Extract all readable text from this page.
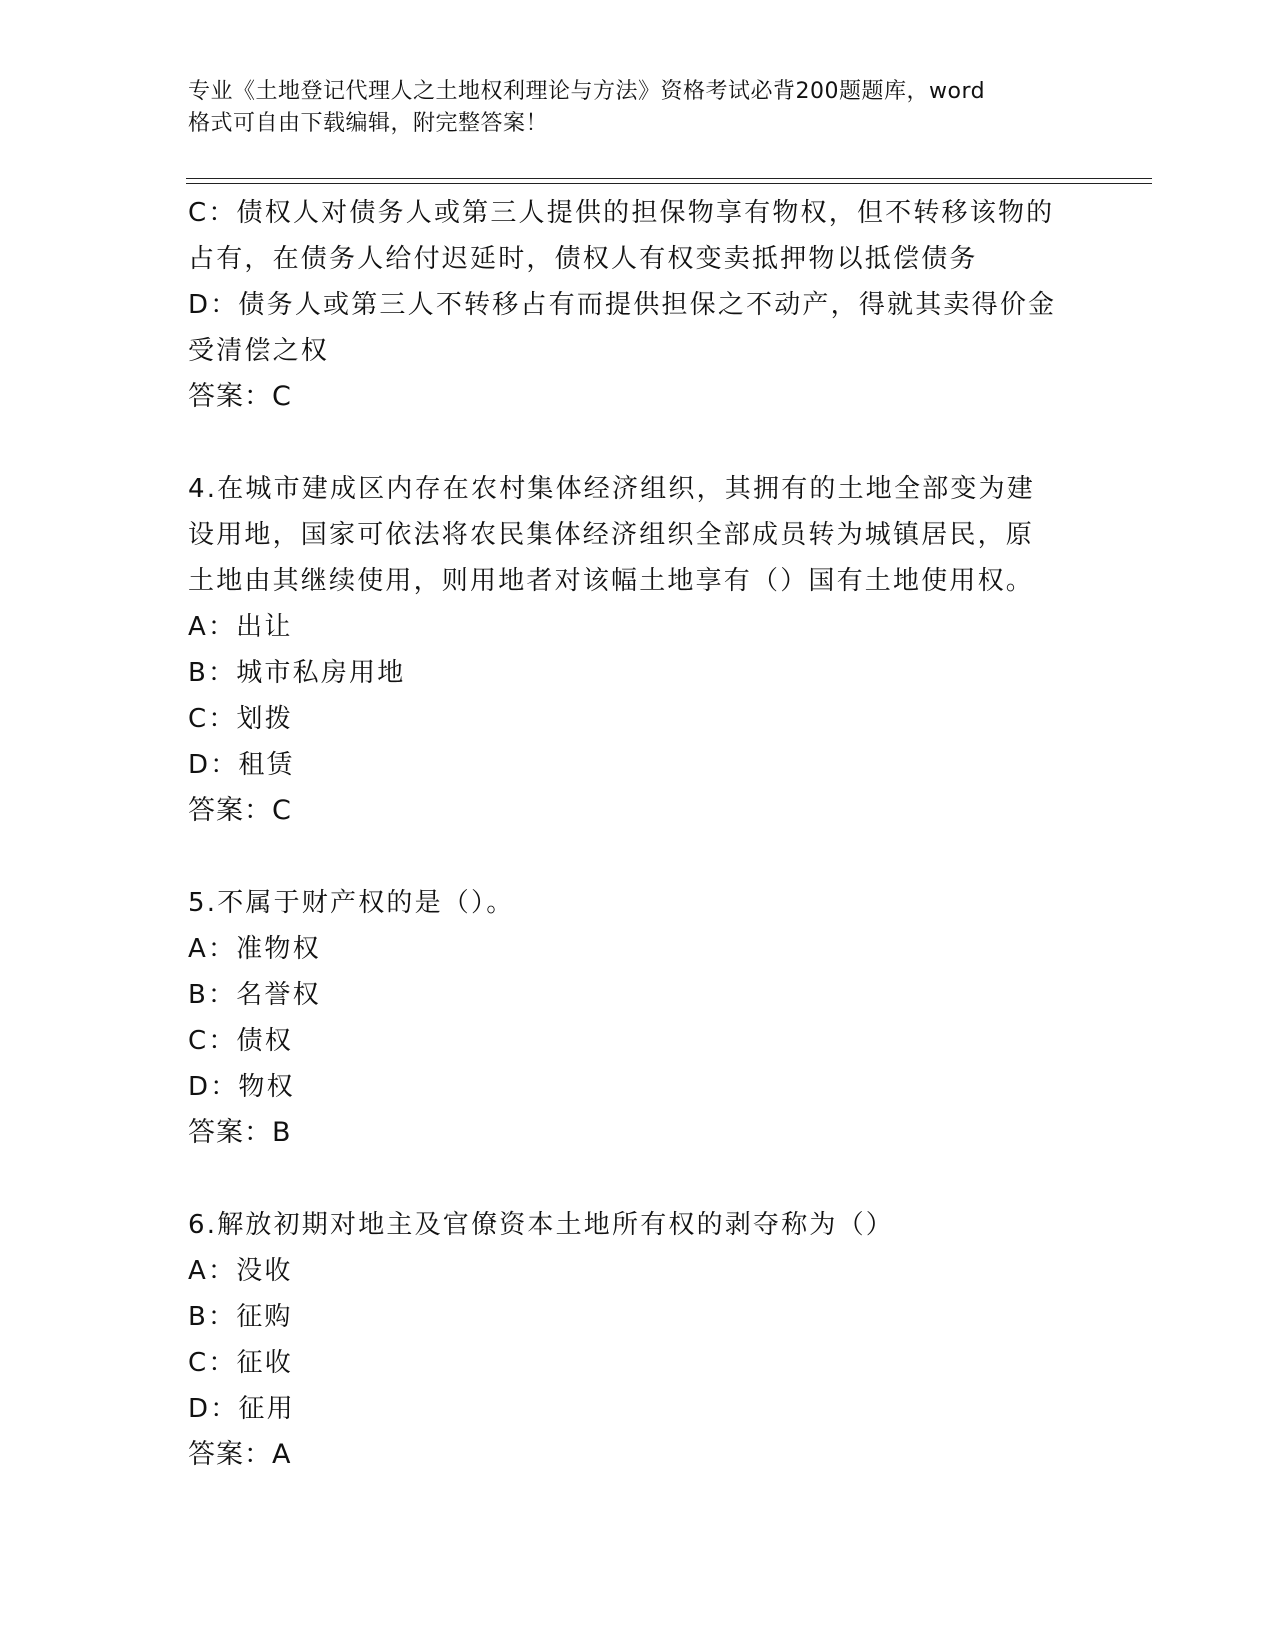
专业《土地登记代理人之土地权利理论与方法》资格考试必背200题题库，word
格式可自由下载编辑，附完整答案！
C：债权人对债务人或第三人提供的担保物享有物权，但不转移该物的
占有，在债务人给付迟延时，债权人有权变卖抵押物以抵偿债务
D：债务人或第三人不转移占有而提供担保之不动产，得就其卖得价金
受清偿之权
答案：C
4.在城市建成区内存在农村集体经济组织，其拥有的土地全部变为建
设用地，国家可依法将农民集体经济组织全部成员转为城镇居民，原
土地由其继续使用，则用地者对该幅土地享有（）国有土地使用权。
A：出让
B：城市私房用地
C：划拨
D：租赁
答案：C
5.不属于财产权的是（）。
A：准物权
B：名誉权
C：债权
D：物权
答案：B
6.解放初期对地主及官僚资本土地所有权的剥夺称为（）
A：没收
B：征购
C：征收
D：征用
答案：A
